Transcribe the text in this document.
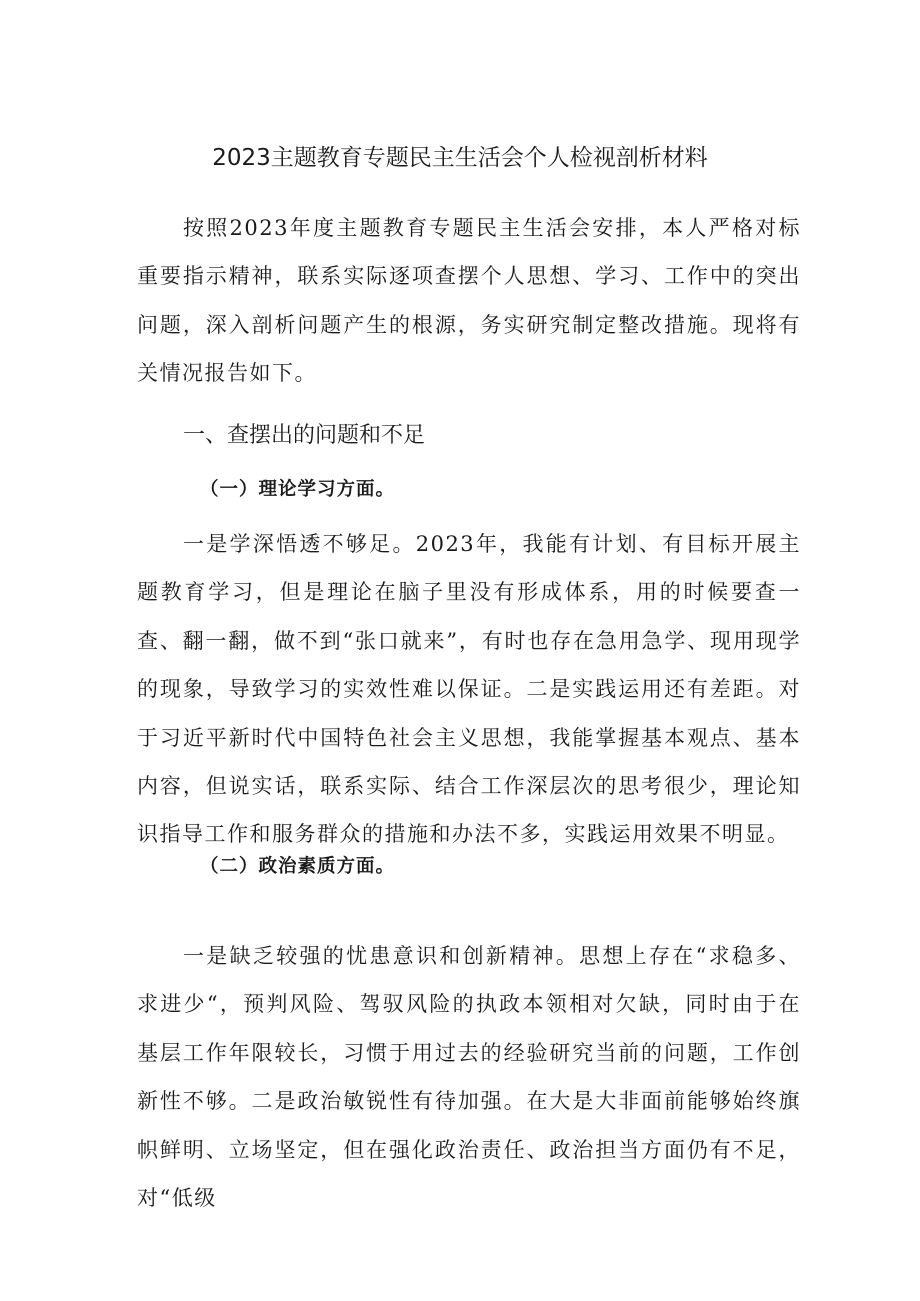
2023主题教育专题民主生活会个人检视剖析材料

按照2023年度主题教育专题民主生活会安排，本人严格对标重要指示精神，联系实际逐项查摆个人思想、学习、工作中的突出问题，深入剖析问题产生的根源，务实研究制定整改措施。现将有关情况报告如下。

一、查摆出的问题和不足
（一）理论学习方面。

一是学深悟透不够足。2023年，我能有计划、有目标开展主题教育学习，但是理论在脑子里没有形成体系，用的时候要查一查、翻一翻，做不到“张口就来”，有时也存在急用急学、现用现学的现象，导致学习的实效性难以保证。二是实践运用还有差距。对于习近平新时代中国特色社会主义思想，我能掌握基本观点、基本内容，但说实话，联系实际、结合工作深层次的思考很少，理论知识指导工作和服务群众的措施和办法不多，实践运用效果不明显。

（二）政治素质方面。

一是缺乏较强的忧患意识和创新精神。思想上存在“求稳多、求进少“，预判风险、驾驭风险的执政本领相对欠缺，同时由于在基层工作年限较长，习惯于用过去的经验研究当前的问题，工作创新性不够。二是政治敏锐性有待加强。在大是大非面前能够始终旗帜鲜明、立场坚定，但在强化政治责任、政治担当方面仍有不足，对“低级
